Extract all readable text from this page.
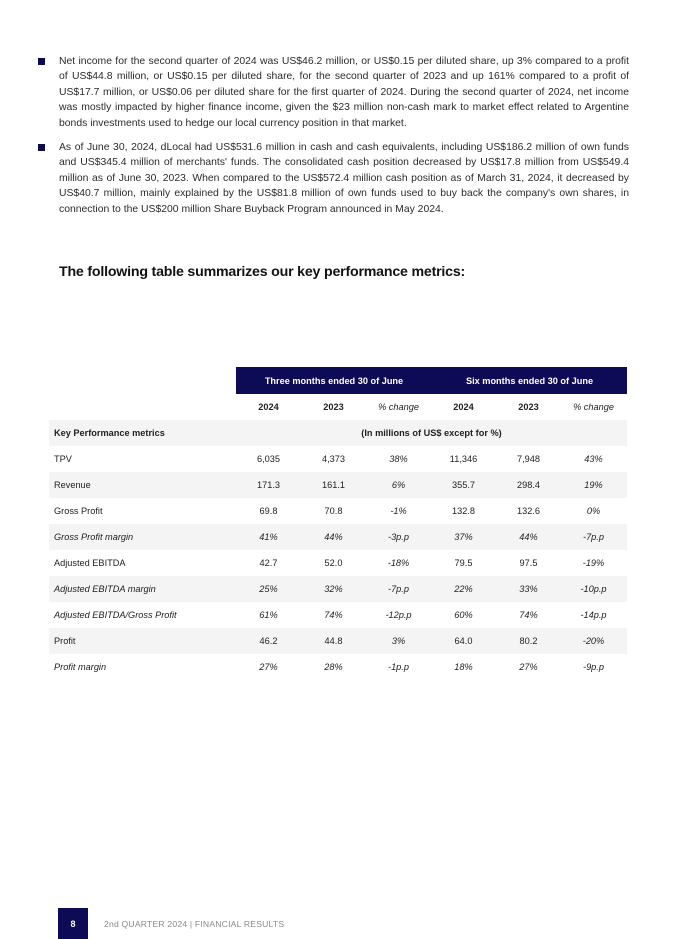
Net income for the second quarter of 2024 was US$46.2 million, or US$0.15 per diluted share, up 3% compared to a profit of US$44.8 million, or US$0.15 per diluted share, for the second quarter of 2023 and up 161% compared to a profit of US$17.7 million, or US$0.06 per diluted share for the first quarter of 2024. During the second quarter of 2024, net income was mostly impacted by higher finance income, given the $23 million non-cash mark to market effect related to Argentine bonds investments used to hedge our local currency position in that market.

As of June 30, 2024, dLocal had US$531.6 million in cash and cash equivalents, including US$186.2 million of own funds and US$345.4 million of merchants' funds. The consolidated cash position decreased by US$17.8 million from US$549.4 million as of June 30, 2023. When compared to the US$572.4 million cash position as of March 31, 2024, it decreased by US$40.7 million, mainly explained by the US$81.8 million of own funds used to buy back the company's own shares, in connection to the US$200 million Share Buyback Program announced in May 2024.

The following table summarizes our key performance metrics:
Three months ended 30 of June	Six months ended 30 of June
2024	2023	% change	2024	2023	% change
Key Performance metrics	(In millions of US$ except for %)
TPV	6,035	4,373	38%	11,346	7,948	43%
Revenue	171.3	161.1	6%	355.7	298.4	19%
Gross Profit	69.8	70.8	-1%	132.8	132.6	0%
Gross Profit margin	41%	44%	-3p.p	37%	44%	-7p.p
Adjusted EBITDA	42.7	52.0	-18%	79.5	97.5	-19%
Adjusted EBITDA margin	25%	32%	-7p.p	22%	33%	-10p.p
Adjusted EBITDA/Gross Profit	61%	74%	-12p.p	60%	74%	-14p.p
Profit	46.2	44.8	3%	64.0	80.2	-20%
Profit margin	27%	28%	-1p.p	18%	27%	-9p.p
8	2nd QUARTER 2024 | FINANCIAL RESULTS
